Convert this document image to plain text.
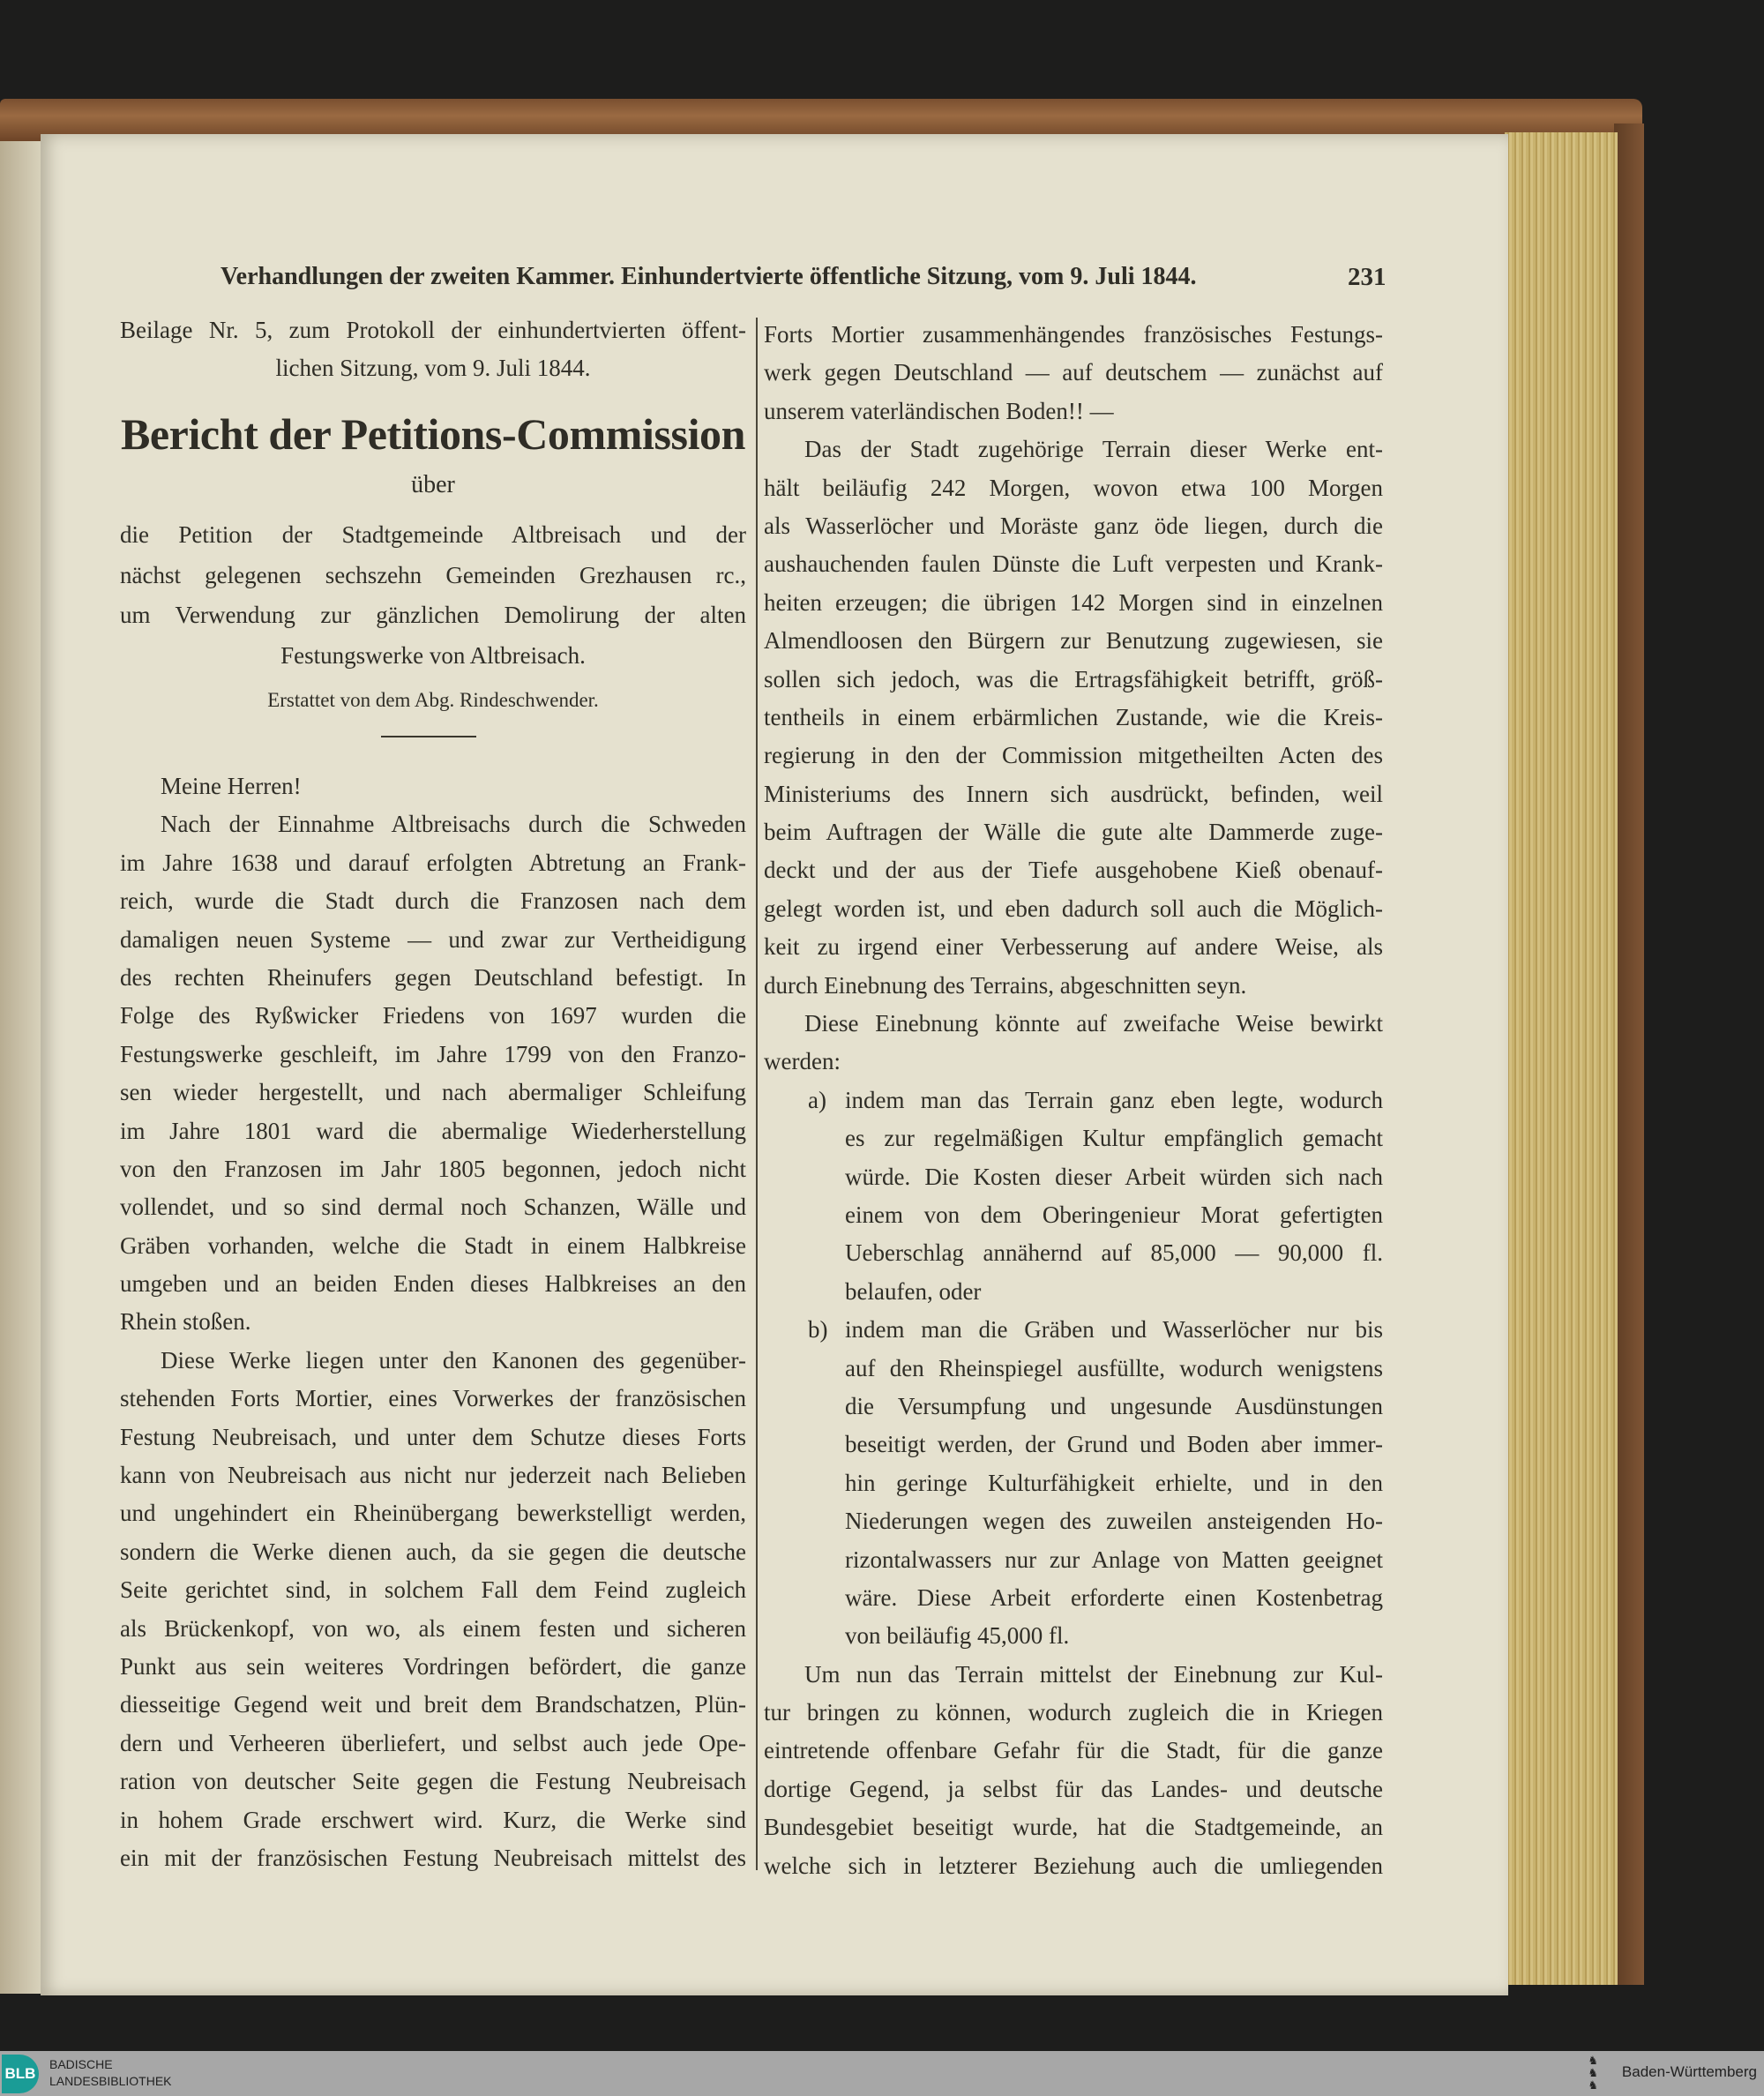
Verhandlungen der zweiten Kammer. Einhundertvierte öffentliche Sitzung, vom 9. Juli 1844.	231
Beilage Nr. 5, zum Protokoll der einhundertvierten öffent-
lichen Sitzung, vom 9. Juli 1844.
Bericht der Petitions-Commission
über
die Petition der Stadtgemeinde Altbreisach und der
nächst gelegenen sechszehn Gemeinden Grezhausen rc.,
um Verwendung zur gänzlichen Demolirung der alten
Festungswerke von Altbreisach.
Erstattet von dem Abg. Rindeschwender.
Meine Herren!
Nach der Einnahme Altbreisachs durch die Schweden
im Jahre 1638 und darauf erfolgten Abtretung an Frank-
reich, wurde die Stadt durch die Franzosen nach dem
damaligen neuen Systeme — und zwar zur Vertheidigung
des rechten Rheinufers gegen Deutschland befestigt. In
Folge des Ryßwicker Friedens von 1697 wurden die
Festungswerke geschleift, im Jahre 1799 von den Franzo-
sen wieder hergestellt, und nach abermaliger Schleifung
im Jahre 1801 ward die abermalige Wiederherstellung
von den Franzosen im Jahr 1805 begonnen, jedoch nicht
vollendet, und so sind dermal noch Schanzen, Wälle und
Gräben vorhanden, welche die Stadt in einem Halbkreise
umgeben und an beiden Enden dieses Halbkreises an den
Rhein stoßen.
Diese Werke liegen unter den Kanonen des gegenüber-
stehenden Forts Mortier, eines Vorwerkes der französischen
Festung Neubreisach, und unter dem Schutze dieses Forts
kann von Neubreisach aus nicht nur jederzeit nach Belieben
und ungehindert ein Rheinübergang bewerkstelligt werden,
sondern die Werke dienen auch, da sie gegen die deutsche
Seite gerichtet sind, in solchem Fall dem Feind zugleich
als Brückenkopf, von wo, als einem festen und sicheren
Punkt aus sein weiteres Vordringen befördert, die ganze
diesseitige Gegend weit und breit dem Brandschatzen, Plün-
dern und Verheeren überliefert, und selbst auch jede Ope-
ration von deutscher Seite gegen die Festung Neubreisach
in hohem Grade erschwert wird. Kurz, die Werke sind
ein mit der französischen Festung Neubreisach mittelst des
Forts Mortier zusammenhängendes französisches Festungs-
werk gegen Deutschland — auf deutschem — zunächst auf
unserem vaterländischen Boden!! —
Das der Stadt zugehörige Terrain dieser Werke ent-
hält beiläufig 242 Morgen, wovon etwa 100 Morgen
als Wasserlöcher und Moräste ganz öde liegen, durch die
aushauchenden faulen Dünste die Luft verpesten und Krank-
heiten erzeugen; die übrigen 142 Morgen sind in einzelnen
Almendloosen den Bürgern zur Benutzung zugewiesen, sie
sollen sich jedoch, was die Ertragsfähigkeit betrifft, größ-
tentheils in einem erbärmlichen Zustande, wie die Kreis-
regierung in den der Commission mitgetheilten Acten des
Ministeriums des Innern sich ausdrückt, befinden, weil
beim Auftragen der Wälle die gute alte Dammerde zuge-
deckt und der aus der Tiefe ausgehobene Kieß obenauf-
gelegt worden ist, und eben dadurch soll auch die Möglich-
keit zu irgend einer Verbesserung auf andere Weise, als
durch Einebnung des Terrains, abgeschnitten seyn.
Diese Einebnung könnte auf zweifache Weise bewirkt
werden:
a) indem man das Terrain ganz eben legte, wodurch
es zur regelmäßigen Kultur empfänglich gemacht
würde. Die Kosten dieser Arbeit würden sich nach
einem von dem Oberingenieur Morat gefertigten
Ueberschlag annähernd auf 85,000 — 90,000 fl.
belaufen, oder
b) indem man die Gräben und Wasserlöcher nur bis
auf den Rheinspiegel ausfüllte, wodurch wenigstens
die Versumpfung und ungesunde Ausdünstungen
beseitigt werden, der Grund und Boden aber immer-
hin geringe Kulturfähigkeit erhielte, und in den
Niederungen wegen des zuweilen ansteigenden Ho-
rizontalwassers nur zur Anlage von Matten geeignet
wäre. Diese Arbeit erforderte einen Kostenbetrag
von beiläufig 45,000 fl.
Um nun das Terrain mittelst der Einebnung zur Kul-
tur bringen zu können, wodurch zugleich die in Kriegen
eintretende offenbare Gefahr für die Stadt, für die ganze
dortige Gegend, ja selbst für das Landes- und deutsche
Bundesgebiet beseitigt wurde, hat die Stadtgemeinde, an
welche sich in letzterer Beziehung auch die umliegenden
BLB
BADISCHE
LANDESBIBLIOTHEK
♞
♞
♞
Baden-Württemberg
